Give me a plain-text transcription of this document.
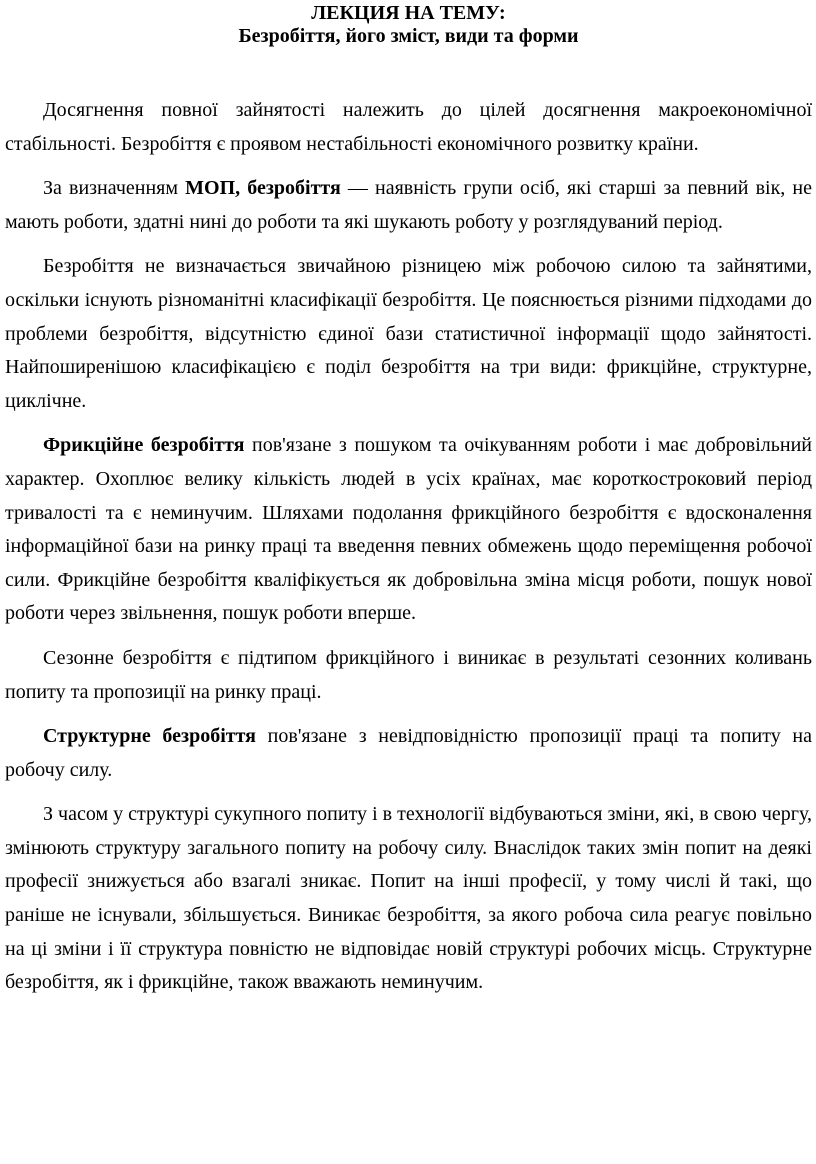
ЛЕКЦИЯ НА ТЕМУ:
Безробіття, його зміст, види та форми

Досягнення повної зайнятості належить до цілей досягнення макроекономічної стабільності. Безробіття є проявом нестабільності економічного розвитку країни.

За визначенням МОП, безробіття — наявність групи осіб, які старші за певний вік, не мають роботи, здатні нині до роботи та які шукають роботу у розглядуваний період.

Безробіття не визначається звичайною різницею між робочою силою та зайнятими, оскільки існують різноманітні класифікації безробіття. Це пояснюється різними підходами до проблеми безробіття, відсутністю єдиної бази статистичної інформації щодо зайнятості. Найпоширенішою класифікацією є поділ безробіття на три види: фрикційне, структурне, циклічне.

Фрикційне безробіття пов'язане з пошуком та очікуванням роботи і має добровільний характер. Охоплює велику кількість людей в усіх країнах, має короткостроковий період тривалості та є неминучим. Шляхами подолання фрикційного безробіття є вдосконалення інформаційної бази на ринку праці та введення певних обмежень щодо переміщення робочої сили. Фрикційне безробіття кваліфікується як добровільна зміна місця роботи, пошук нової роботи через звільнення, пошук роботи вперше.

Сезонне безробіття є підтипом фрикційного і виникає в результаті сезонних коливань попиту та пропозиції на ринку праці.

Структурне безробіття пов'язане з невідповідністю пропозиції праці та попиту на робочу силу.

З часом у структурі сукупного попиту і в технології відбуваються зміни, які, в свою чергу, змінюють структуру загального попиту на робочу силу. Внаслідок таких змін попит на деякі професії знижується або взагалі зникає. Попит на інші професії, у тому числі й такі, що раніше не існували, збільшується. Виникає безробіття, за якого робоча сила реагує повільно на ці зміни і її структура повністю не відповідає новій структурі робочих місць. Структурне безробіття, як і фрикційне, також вважають неминучим.
